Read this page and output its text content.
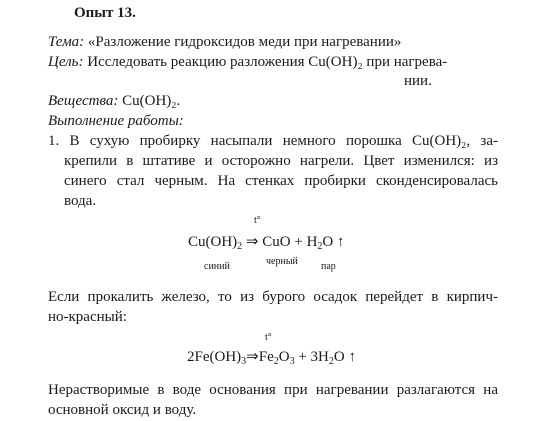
Опыт 13.
Тема: «Разложение гидроксидов меди при нагревании»
Цель: Исследовать реакцию разложения Cu(OH)₂ при нагрева-
нии.
Вещества: Cu(OH)₂.
Выполнение работы:
1. В сухую пробирку насыпали немного порошка Cu(OH)₂, за-
крепили в штативе и осторожно нагрели. Цвет изменился: из
синего стал черным. На стенках пробирки сконденсировалась
вода.
t°
$Cu(OH)_2$ ⇒ CuO + $H_2O$ ↑
синий	черный пар
Если прокалить железо, то из бурого осадок перейдет в кирпич-
но-красный:
t°
$2Fe(OH)_3\Rightarrow Fe_2O_3 + 3H_2O$ ↑
Нерастворимые в воде основания при нагревании разлагаются на
основной оксид и воду.
